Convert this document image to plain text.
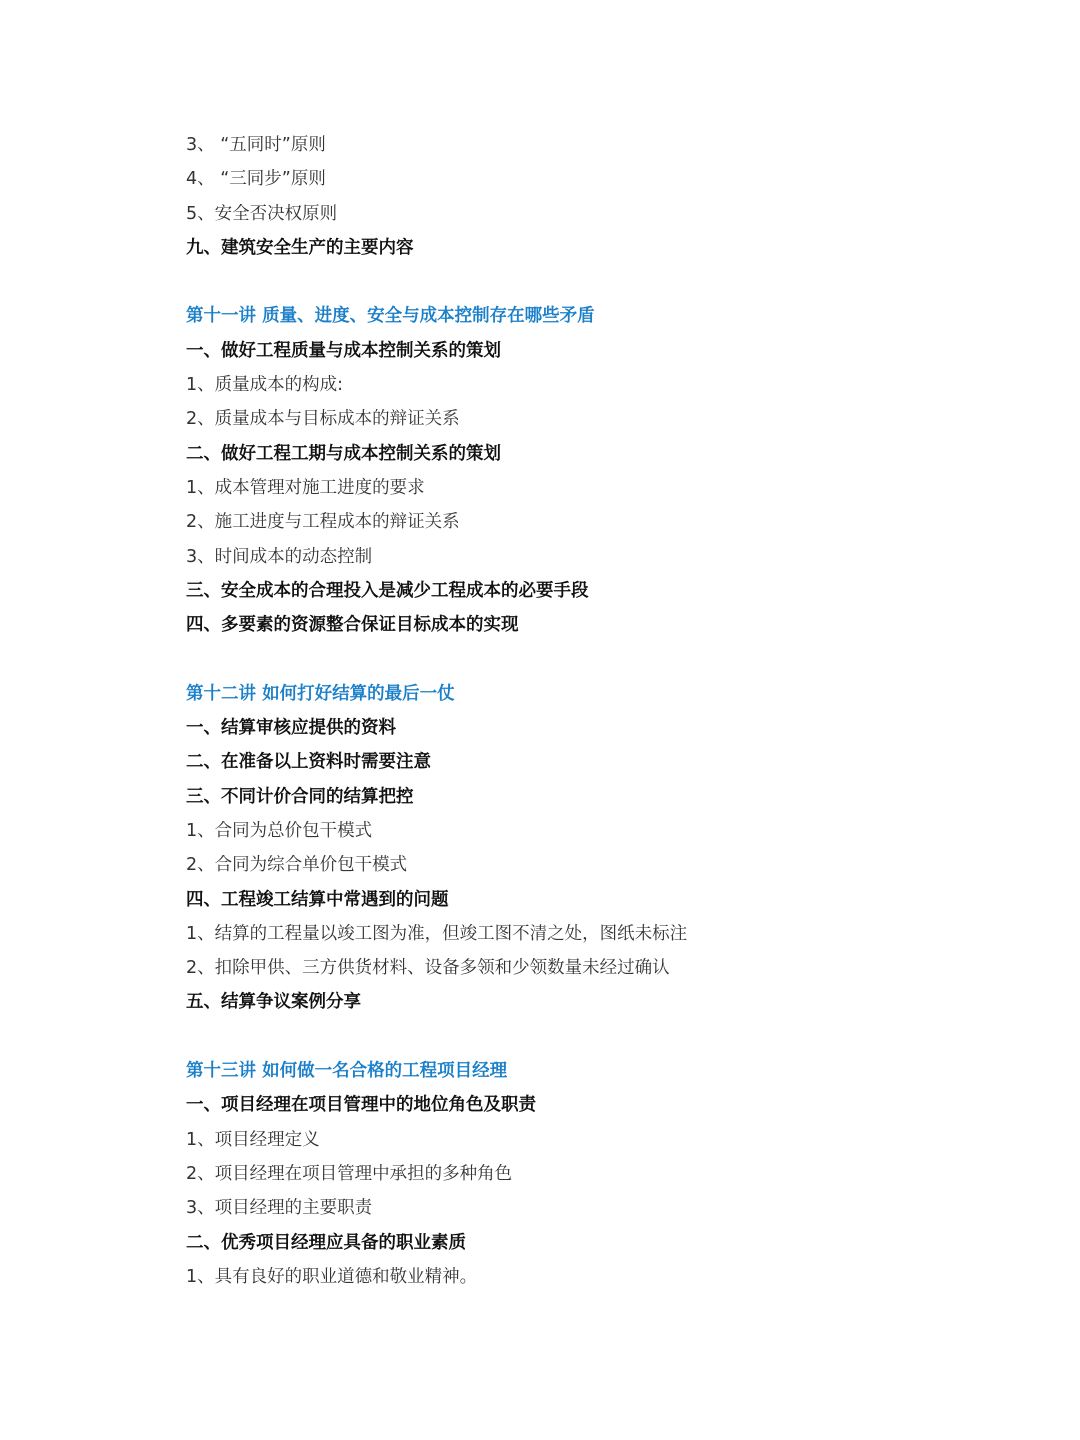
3、 “五同时”原则
4、 “三同步”原则
5、安全否决权原则
九、建筑安全生产的主要内容
第十一讲 质量、进度、安全与成本控制存在哪些矛盾
一、做好工程质量与成本控制关系的策划
1、质量成本的构成:
2、质量成本与目标成本的辩证关系
二、做好工程工期与成本控制关系的策划
1、成本管理对施工进度的要求
2、施工进度与工程成本的辩证关系
3、时间成本的动态控制
三、安全成本的合理投入是减少工程成本的必要手段
四、多要素的资源整合保证目标成本的实现
第十二讲 如何打好结算的最后一仗
一、结算审核应提供的资料
二、在准备以上资料时需要注意
三、不同计价合同的结算把控
1、合同为总价包干模式
2、合同为综合单价包干模式
四、工程竣工结算中常遇到的问题
1、结算的工程量以竣工图为准，但竣工图不清之处，图纸未标注
2、扣除甲供、三方供货材料、设备多领和少领数量未经过确认
五、结算争议案例分享
第十三讲 如何做一名合格的工程项目经理
一、项目经理在项目管理中的地位角色及职责
1、项目经理定义
2、项目经理在项目管理中承担的多种角色
3、项目经理的主要职责
二、优秀项目经理应具备的职业素质
1、具有良好的职业道德和敬业精神。
